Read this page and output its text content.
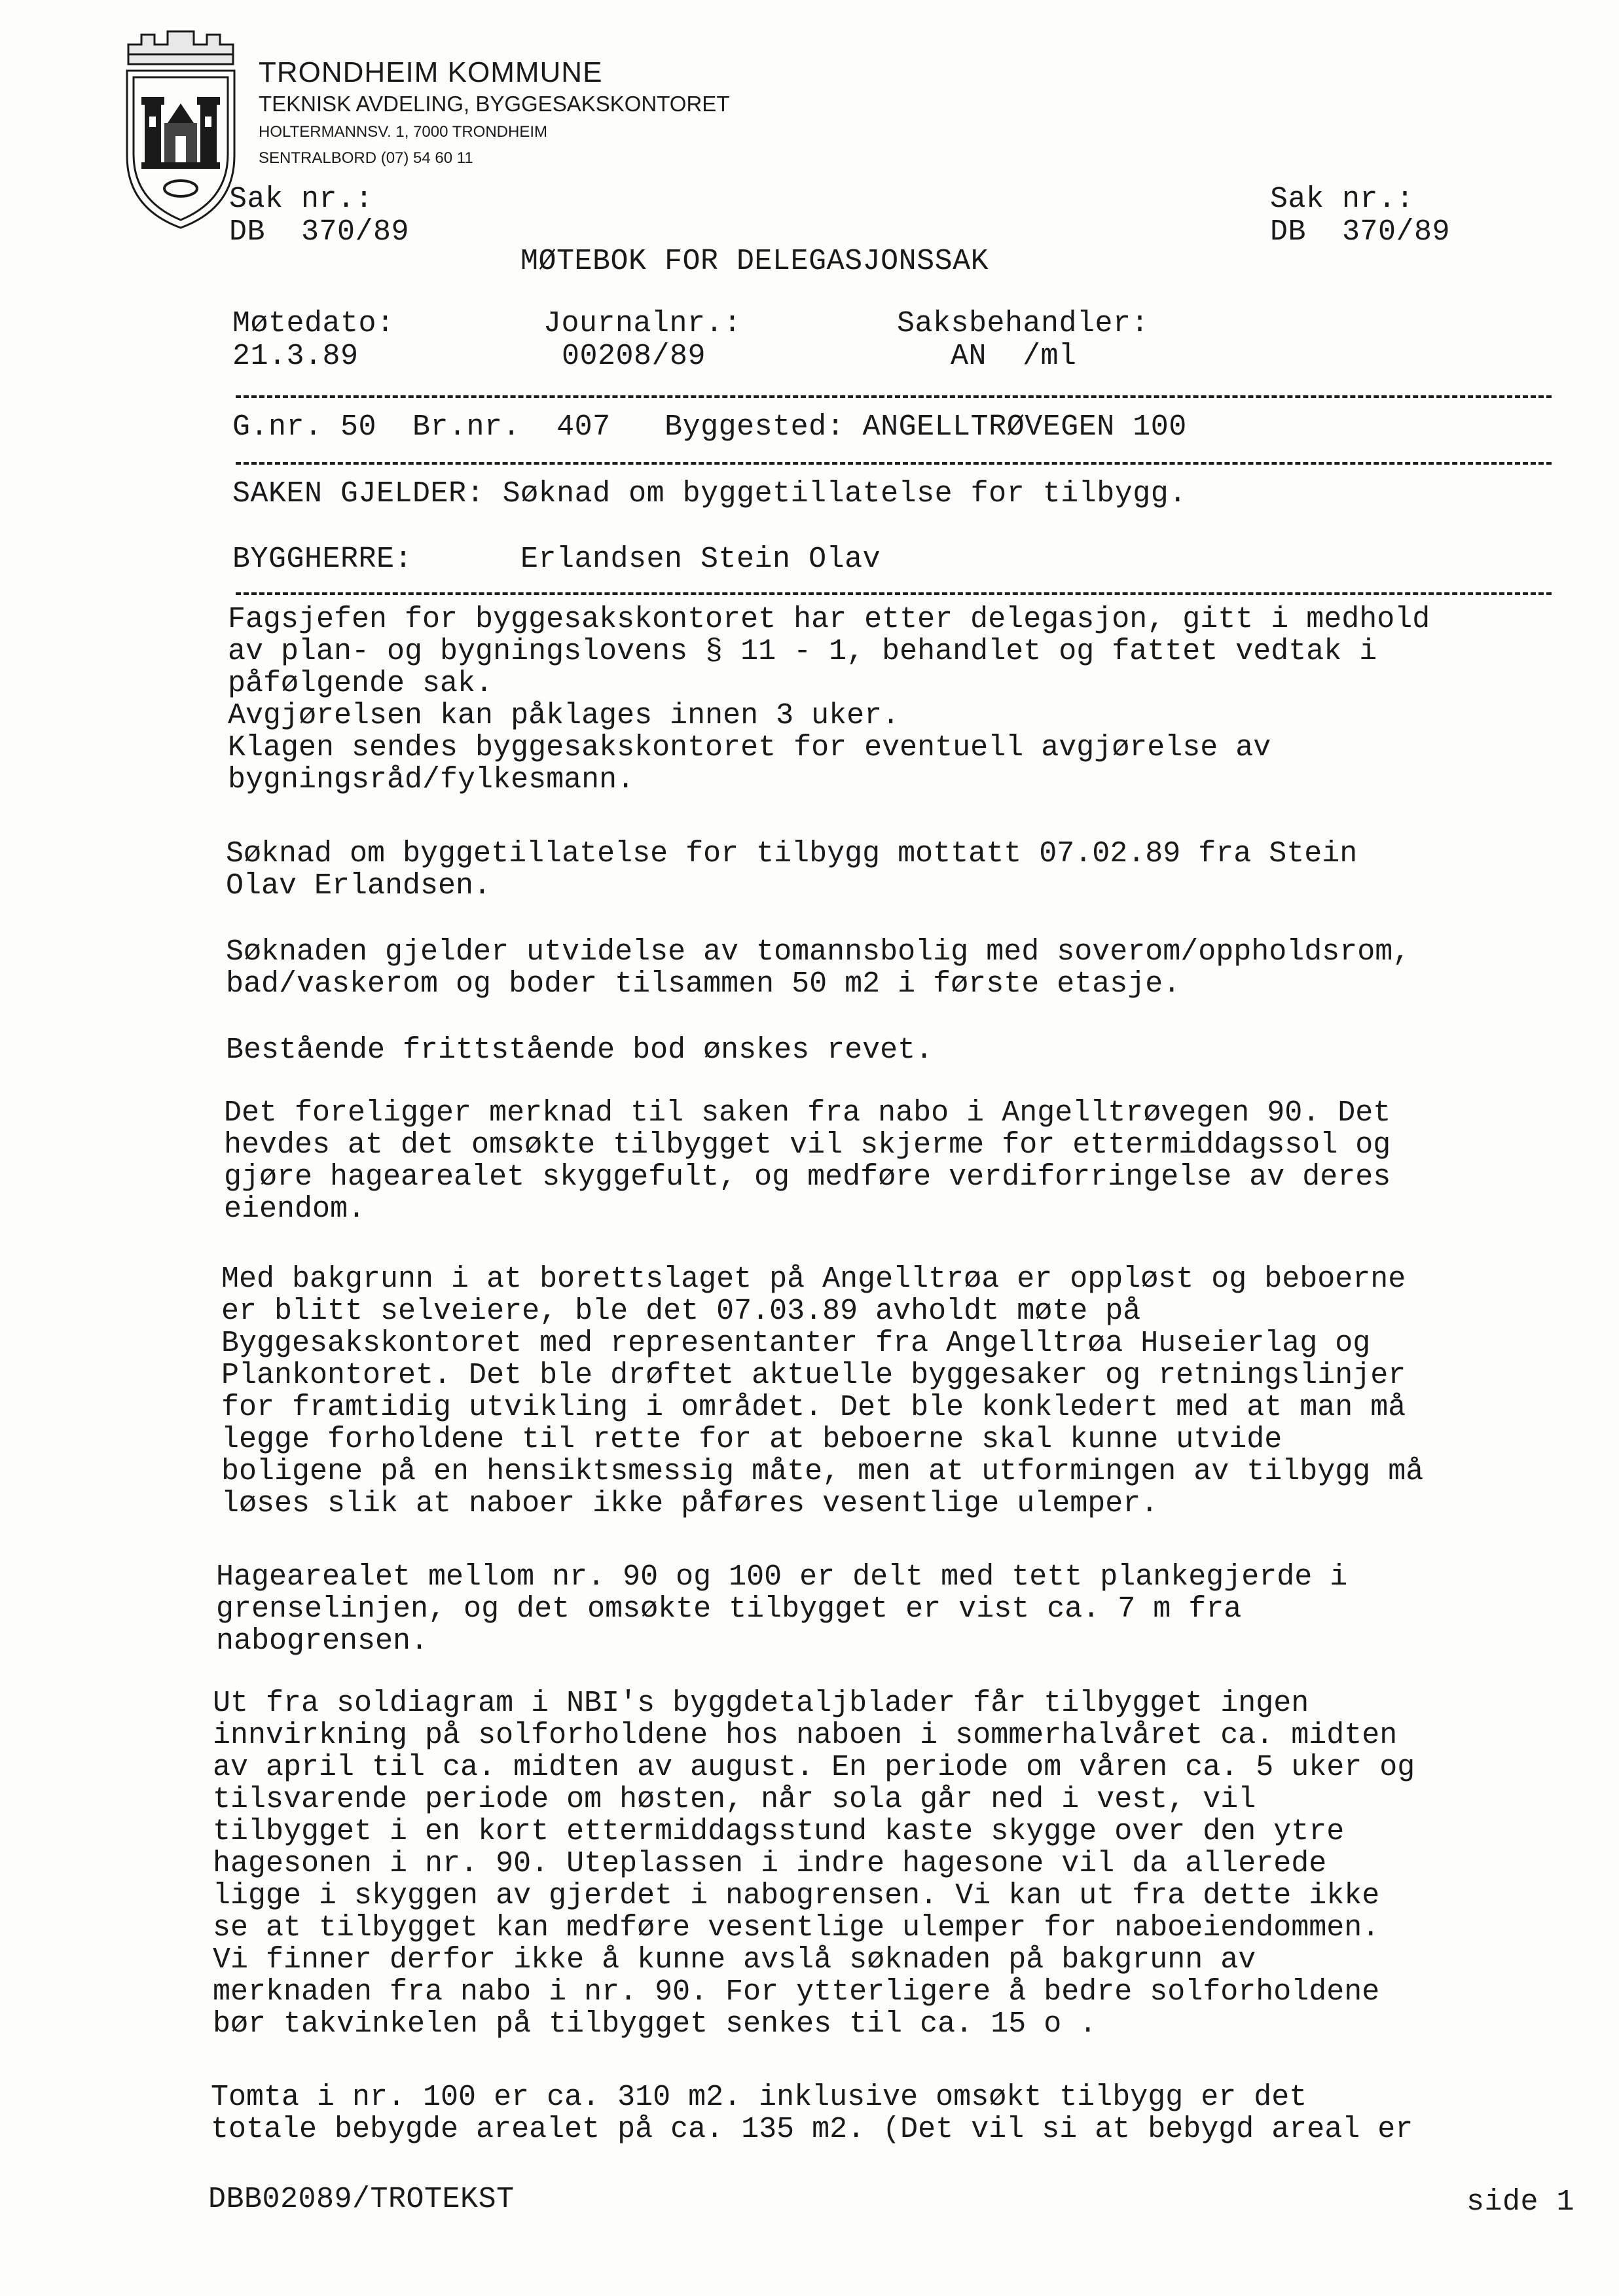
TRONDHEIM KOMMUNE
TEKNISK AVDELING, BYGGESAKSKONTORET
HOLTERMANNSV. 1, 7000 TRONDHEIM
SENTRALBORD (07) 54 60 11
Sak nr.:
DB  370/89
Sak nr.:
DB  370/89
MØTEBOK FOR DELEGASJONSSAK
Møtedato:
21.3.89
Journalnr.:
00208/89
Saksbehandler:
AN  /ml
G.nr. 50  Br.nr.  407   Byggested: ANGELLTRØVEGEN 100
SAKEN GJELDER: Søknad om byggetillatelse for tilbygg.
BYGGHERRE:	Erlandsen Stein Olav
Fagsjefen for byggesakskontoret har etter delegasjon, gitt i medhold
av plan- og bygningslovens § 11 - 1, behandlet og fattet vedtak i
påfølgende sak.
Avgjørelsen kan påklages innen 3 uker.
Klagen sendes byggesakskontoret for eventuell avgjørelse av
bygningsråd/fylkesmann.
Søknad om byggetillatelse for tilbygg mottatt 07.02.89 fra Stein
Olav Erlandsen.
Søknaden gjelder utvidelse av tomannsbolig med soverom/oppholdsrom,
bad/vaskerom og boder tilsammen 50 m2 i første etasje.
Bestående frittstående bod ønskes revet.
Det foreligger merknad til saken fra nabo i Angelltrøvegen 90. Det
hevdes at det omsøkte tilbygget vil skjerme for ettermiddagssol og
gjøre hagearealet skyggefult, og medføre verdiforringelse av deres
eiendom.
Med bakgrunn i at borettslaget på Angelltrøa er oppløst og beboerne
er blitt selveiere, ble det 07.03.89 avholdt møte på
Byggesakskontoret med representanter fra Angelltrøa Huseierlag og
Plankontoret. Det ble drøftet aktuelle byggesaker og retningslinjer
for framtidig utvikling i området. Det ble konkledert med at man må
legge forholdene til rette for at beboerne skal kunne utvide
boligene på en hensiktsmessig måte, men at utformingen av tilbygg må
løses slik at naboer ikke påføres vesentlige ulemper.
Hagearealet mellom nr. 90 og 100 er delt med tett plankegjerde i
grenselinjen, og det omsøkte tilbygget er vist ca. 7 m fra
nabogrensen.
Ut fra soldiagram i NBI's byggdetaljblader får tilbygget ingen
innvirkning på solforholdene hos naboen i sommerhalvåret ca. midten
av april til ca. midten av august. En periode om våren ca. 5 uker og
tilsvarende periode om høsten, når sola går ned i vest, vil
tilbygget i en kort ettermiddagsstund kaste skygge over den ytre
hagesonen i nr. 90. Uteplassen i indre hagesone vil da allerede
ligge i skyggen av gjerdet i nabogrensen. Vi kan ut fra dette ikke
se at tilbygget kan medføre vesentlige ulemper for naboeiendommen.
Vi finner derfor ikke å kunne avslå søknaden på bakgrunn av
merknaden fra nabo i nr. 90. For ytterligere å bedre solforholdene
bør takvinkelen på tilbygget senkes til ca. 15 o .
Tomta i nr. 100 er ca. 310 m2. inklusive omsøkt tilbygg er det
totale bebygde arealet på ca. 135 m2. (Det vil si at bebygd areal er
DBB02089/TROTEKST	side 1
